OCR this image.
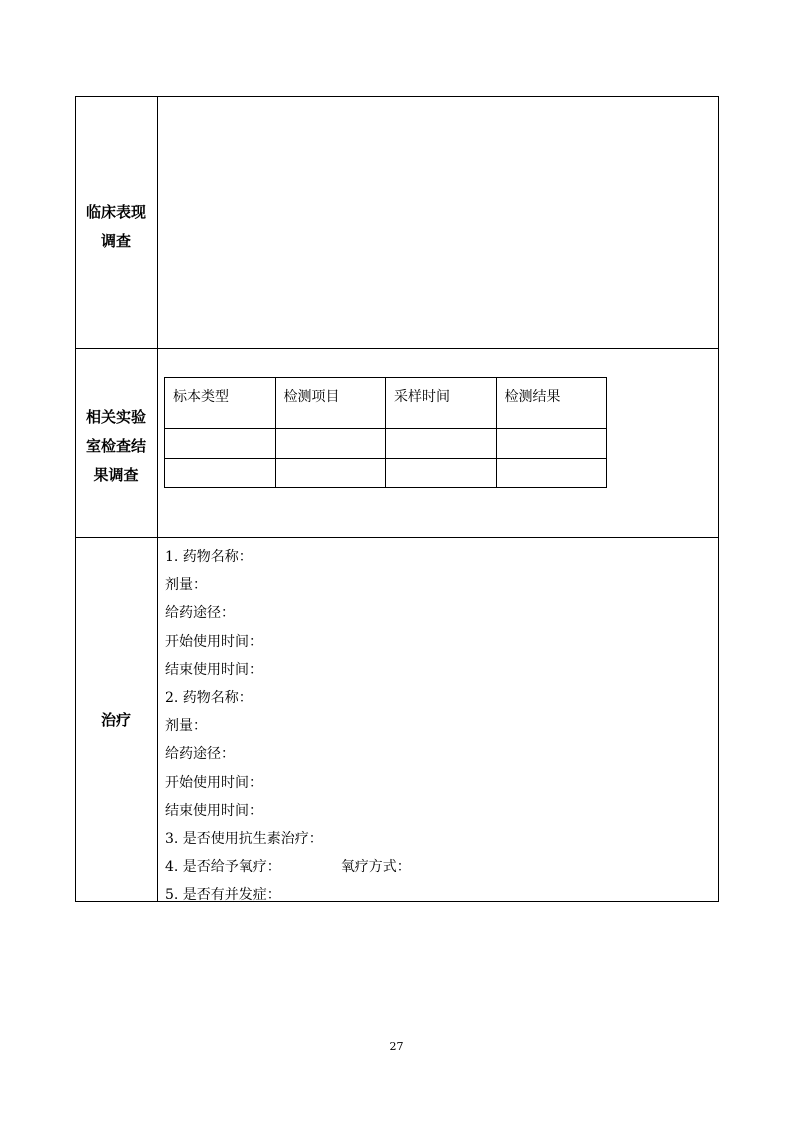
临床表现
调查
相关实验
室检查结
果调查
标本类型	检测项目	采样时间	检测结果

治疗
1. 药物名称：
剂量：
给药途径：
开始使用时间：
结束使用时间：
2. 药物名称：
剂量：
给药途径：
开始使用时间：
结束使用时间：
3. 是否使用抗生素治疗：
4. 是否给予氧疗：	氧疗方式：
5. 是否有并发症：
27
